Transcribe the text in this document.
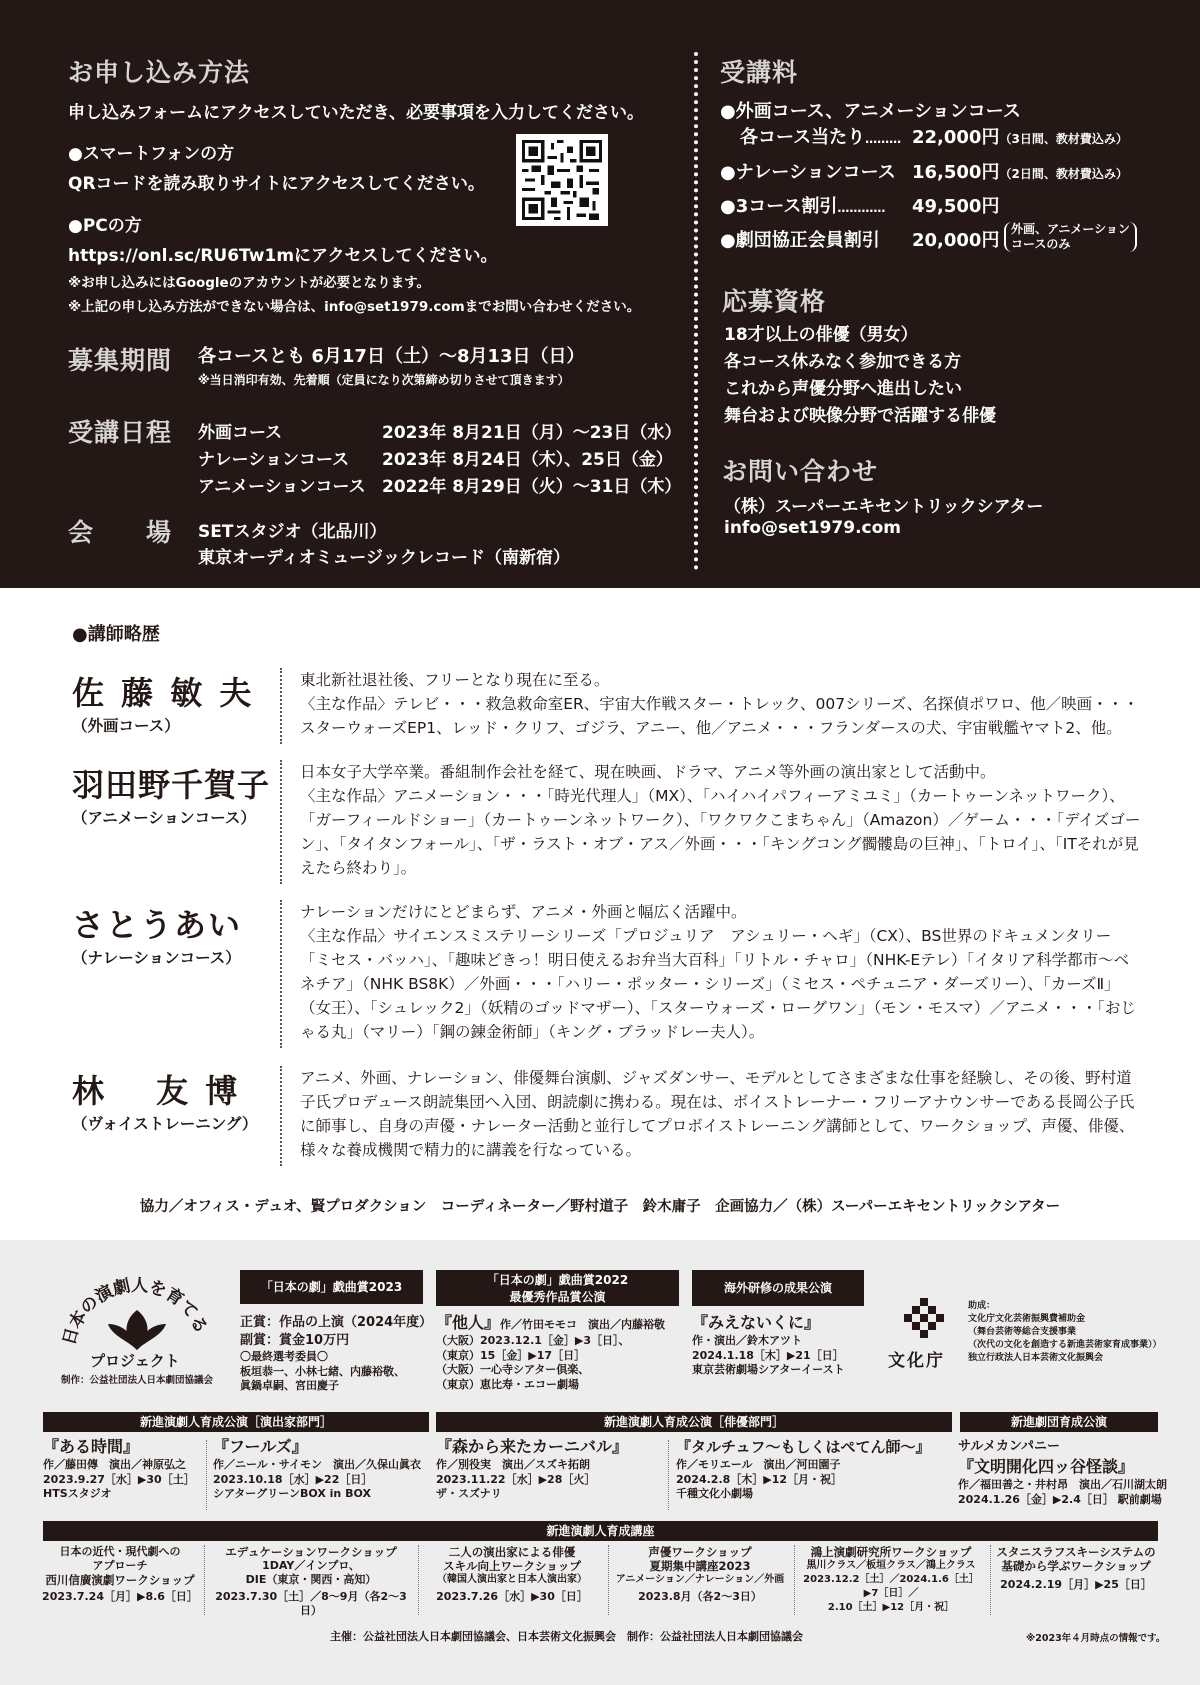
お申し込み方法
申し込みフォームにアクセスしていただき、必要事項を入力してください。
●スマートフォンの方
QRコードを読み取りサイトにアクセスしてください。
●PCの方
https://onl.sc/RU6Tw1mにアクセスしてください。
※お申し込みにはGoogleのアカウントが必要となります。
※上記の申し込み方法ができない場合は、info@set1979.comまでお問い合わせください。
募集期間 各コースとも 6月17日（土）～8月13日（日）
※当日消印有効、先着順（定員になり次第締め切りさせて頂きます）
受講日程 外画コース	2023年 8月21日（月）～23日（水）
ナレーションコース 2023年 8月24日（木）、25日（金）
アニメーションコース 2022年 8月29日（火）～31日（木）
会　　場 SETスタジオ（北品川）
東京オーディオミュージックレコード（南新宿）
受講料
●外画コース、アニメーションコース
各コース当たり……… 22,000円（3日間、教材費込み）
●ナレーションコース 16,500円（2日間、教材費込み）
●3コース割引………… 49,500円
●劇団協正会員割引 20,000円
外画、アニメーション
コースのみ
応募資格
18才以上の俳優（男女）
各コース休みなく参加できる方
これから声優分野へ進出したい
舞台および映像分野で活躍する俳優
お問い合わせ
（株）スーパーエキセントリックシアター
info@set1979.com
●講師略歴
佐 藤 敏 夫
（外画コース）
東北新社退社後、フリーとなり現在に至る。
〈主な作品〉テレビ・・・救急救命室ER、宇宙大作戦スター・トレック、007シリーズ、名探偵ポワロ、他／映画・・・スターウォーズEP1、レッド・クリフ、ゴジラ、アニー、他／アニメ・・・フランダースの犬、宇宙戦艦ヤマト2、他。
羽田野千賀子
（アニメーションコース）
日本女子大学卒業。番組制作会社を経て、現在映画、ドラマ、アニメ等外画の演出家として活動中。
〈主な作品〉アニメーション・・・「時光代理人」（MX）、「ハイハイパフィーアミユミ」（カートゥーンネットワーク）、「ガーフィールドショー」（カートゥーンネットワーク）、「ワクワクこまちゃん」（Amazon）／ゲーム・・・「デイズゴーン」、「タイタンフォール」、「ザ・ラスト・オブ・アス／外画・・・「キングコング髑髏島の巨神」、「トロイ」、「ITそれが見えたら終わり」。
さとうあい
（ナレーションコース）
ナレーションだけにとどまらず、アニメ・外画と幅広く活躍中。
〈主な作品〉サイエンスミステリーシリーズ「プロジュリア　アシュリー・ヘギ」（CX）、BS世界のドキュメンタリー「ミセス・バッハ」、「趣味どきっ！明日使えるお弁当大百科」「リトル・チャロ」（NHK-Eテレ）「イタリア科学都市～ベネチア」（NHK BS8K）／外画・・・「ハリー・ポッター・シリーズ」（ミセス・ペチュニア・ダーズリー）、「カーズⅡ」（女王）、「シュレック2」（妖精のゴッドマザー）、「スターウォーズ・ローグワン」（モン・モスマ）／アニメ・・・「おじゃる丸」（マリー）「鋼の錬金術師」（キング・ブラッドレー夫人）。
林　 友 博
（ヴォイストレーニング）
アニメ、外画、ナレーション、俳優舞台演劇、ジャズダンサー、モデルとしてさまざまな仕事を経験し、その後、野村道子氏プロデュース朗読集団へ入団、朗読劇に携わる。現在は、ボイストレーナー・フリーアナウンサーである長岡公子氏に師事し、自身の声優・ナレーター活動と並行してプロボイストレーニング講師として、ワークショップ、声優、俳優、様々な養成機関で精力的に講義を行なっている。
協力／オフィス・デュオ、賢プロダクション　コーディネーター／野村道子　鈴木庸子　企画協力／（株）スーパーエキセントリックシアター
日本の演劇人を育てる
プロジェクト
制作：公益社団法人日本劇団協議会
「日本の劇」戯曲賞2023
正賞：作品の上演（2024年度）
副賞：賞金10万円
〇最終選考委員〇
板垣恭一、小林七緒、内藤裕敬、
眞鍋卓嗣、宮田慶子
「日本の劇」戯曲賞2022
最優秀作品賞公演
『他人』作／竹田モモコ　演出／内藤裕敬
（大阪）2023.12.1［金］▶3［日］、
（東京）15［金］▶17［日］
（大阪）一心寺シアター倶楽、
（東京）恵比寿・エコー劇場
海外研修の成果公演
『みえないくに』
作・演出／鈴木アツト
2024.1.18［木］▶21［日］
東京芸術劇場シアターイースト	文化庁
助成：
文化庁文化芸術振興費補助金
（舞台芸術等総合支援事業
（次代の文化を創造する新進芸術家育成事業））
独立行政法人日本芸術文化振興会
新進演劇人育成公演［演出家部門］	新進演劇人育成公演［俳優部門］	新進劇団育成公演
『ある時間』
作／藤田傳　演出／神原弘之
2023.9.27［水］▶30［土］
HTSスタジオ
『フールズ』
作／ニール・サイモン　演出／久保山眞衣
2023.10.18［水］▶22［日］
シアターグリーンBOX in BOX
『森から来たカーニバル』
作／別役実　演出／スズキ拓朗
2023.11.22［水］▶28［火］
ザ・スズナリ
『タルチュフ～もしくはぺてん師～』
作／モリエール　演出／河田園子
2024.2.8［木］▶12［月・祝］
千種文化小劇場
サルメカンパニー
『文明開化四ッ谷怪談』
作／福田善之・井村昂　演出／石川湖太朗
2024.1.26［金］▶2.4［日］ 駅前劇場
新進演劇人育成講座
日本の近代・現代劇への
アプローチ
西川信廣演劇ワークショップ
2023.7.24［月］▶8.6［日］
エデュケーションワークショップ
1DAY／インプロ、
DIE（東京・関西・高知）
2023.7.30［土］／8～9月（各2～3日）
二人の演出家による俳優
スキル向上ワークショップ
（韓国人演出家と日本人演出家）
2023.7.26［水］▶30［日］
声優ワークショップ
夏期集中講座2023
アニメーション／ナレーション／外画
2023.8月（各2～3日）
鴻上演劇研究所ワークショップ
黒川クラス／板垣クラス／鴻上クラス
2023.12.2［土］／2024.1.6［土］▶7［日］／
2.10［土］▶12［月・祝］
スタニスラフスキーシステムの
基礎から学ぶワークショップ
2024.2.19［月］▶25［日］
主催：公益社団法人日本劇団協議会、日本芸術文化振興会　制作：公益社団法人日本劇団協議会	※2023年４月時点の情報です。
